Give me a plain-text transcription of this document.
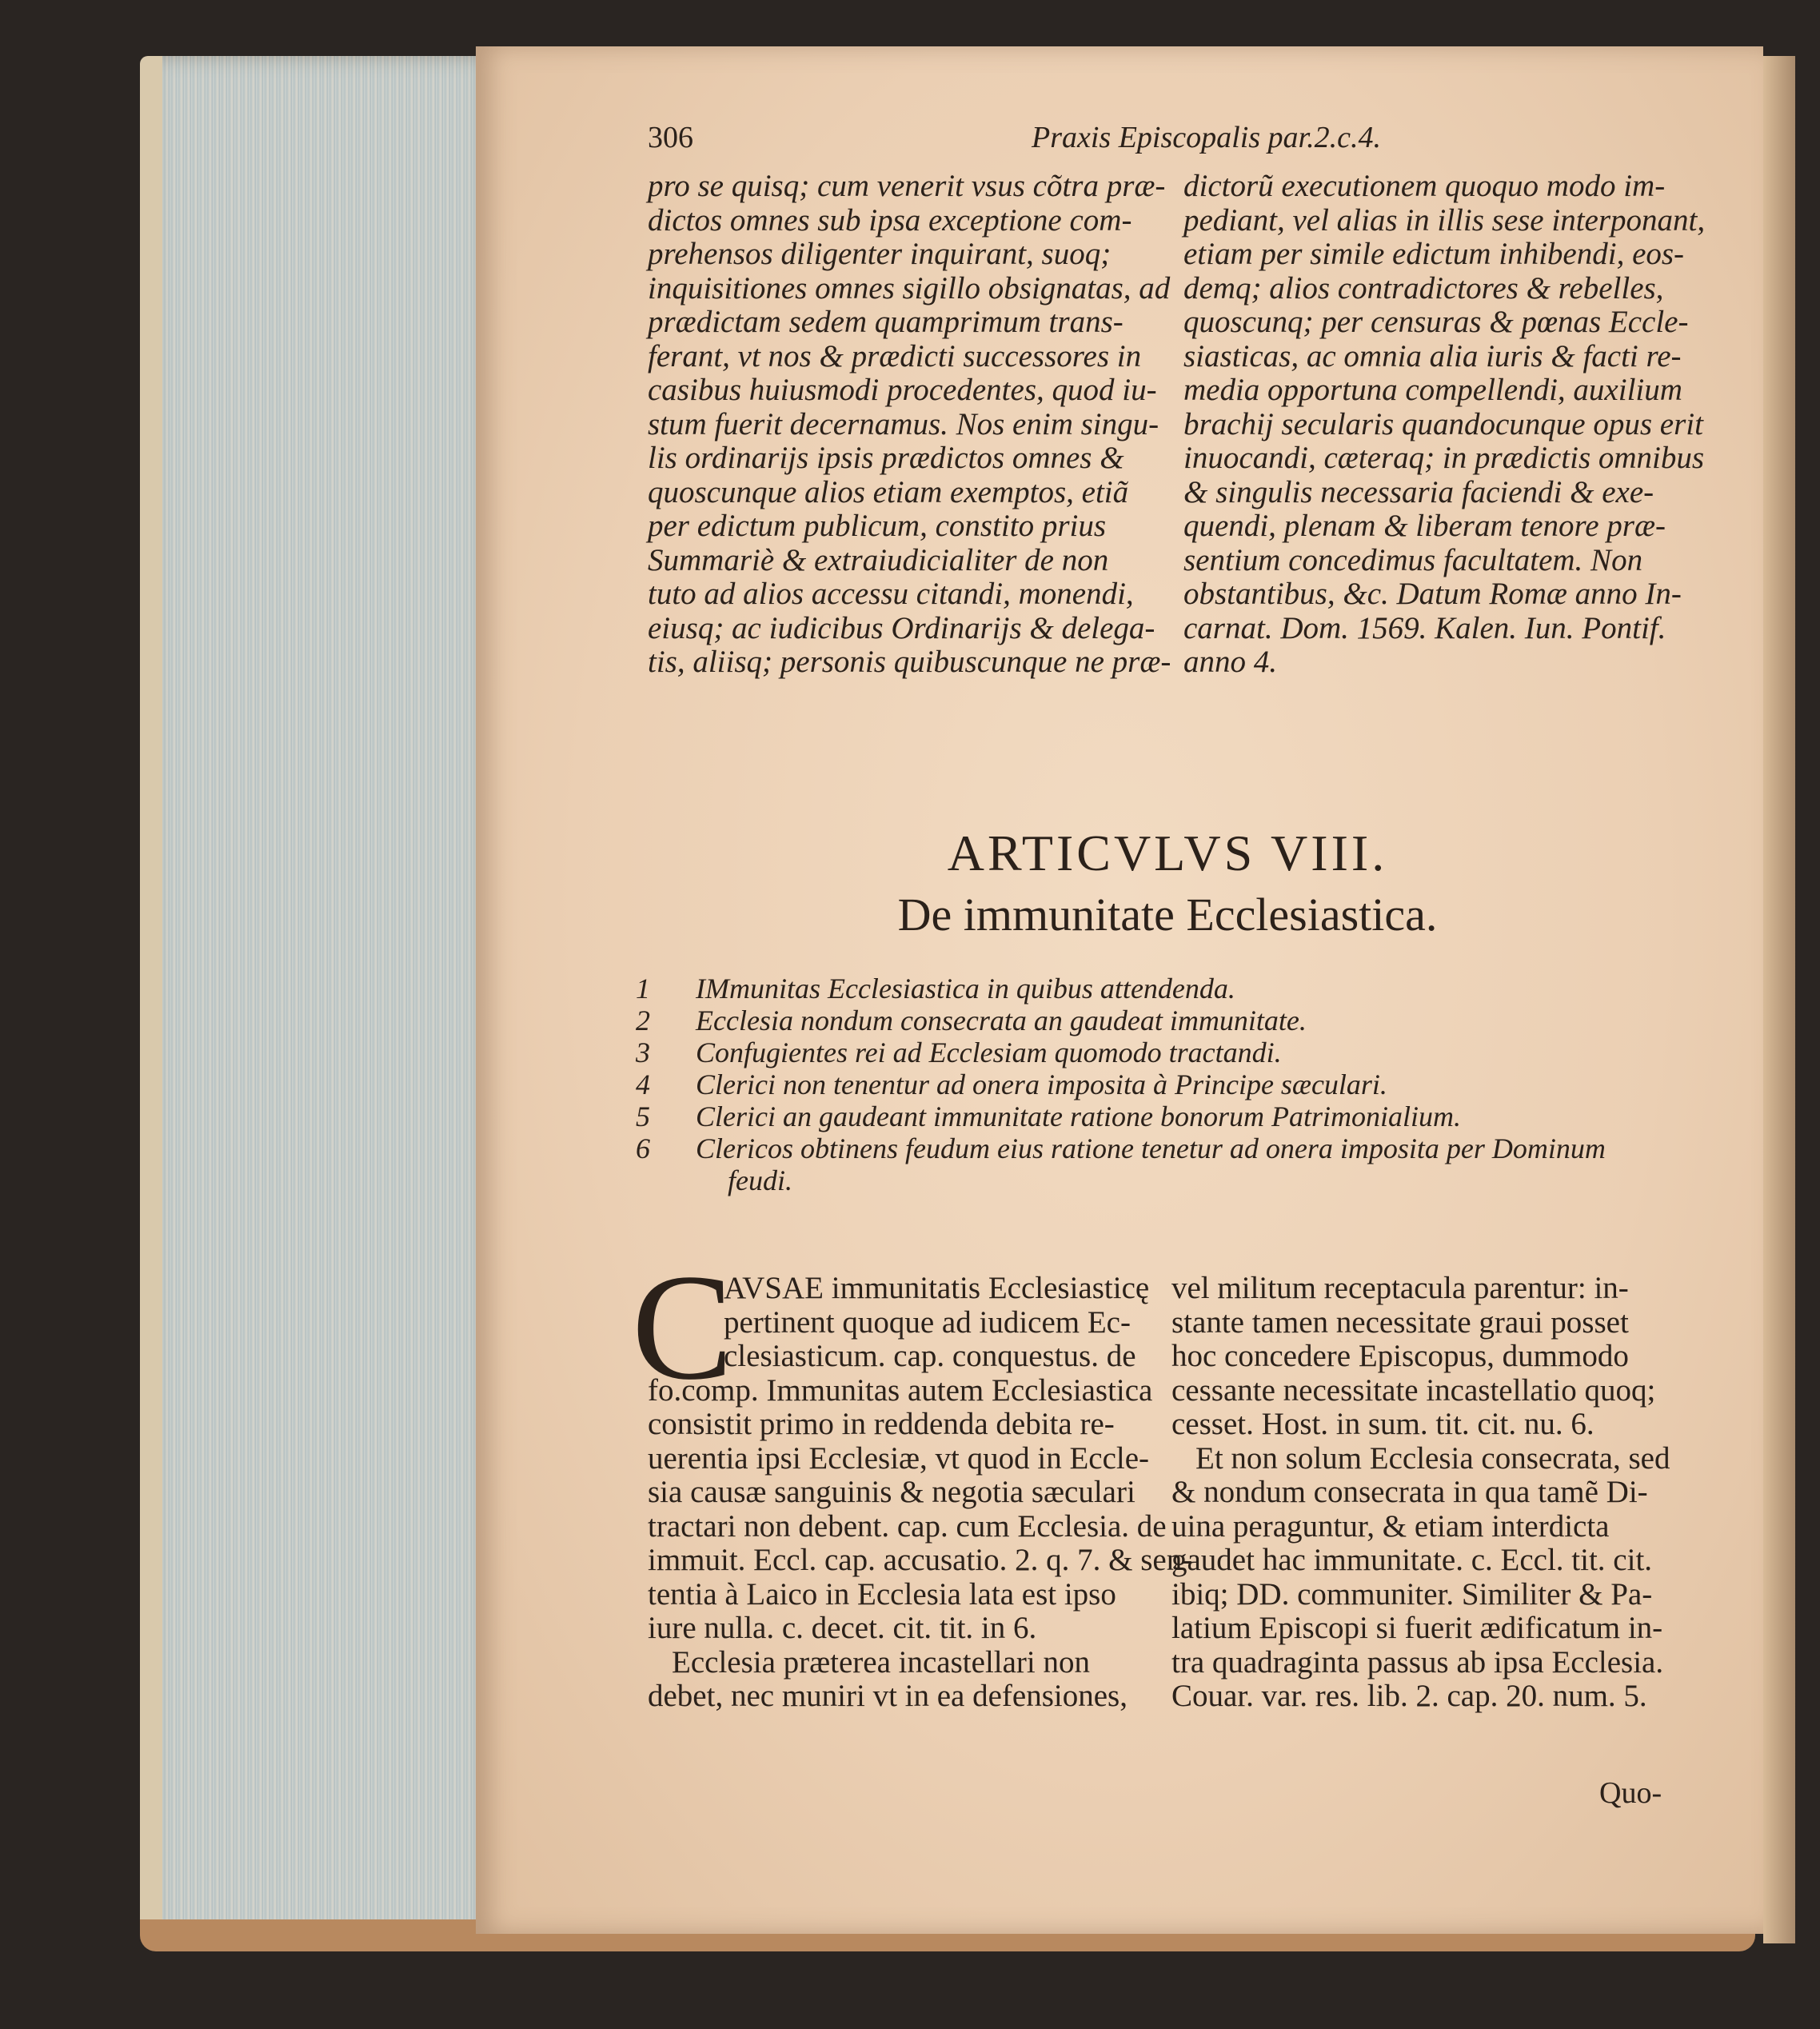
306	Praxis Episcopalis par.2.c.4.
pro se quisq; cum venerit vsus cõtra præ-
dictos omnes sub ipsa exceptione com-
prehensos diligenter inquirant, suoq;
inquisitiones omnes sigillo obsignatas, ad
prædictam sedem quamprimum trans-
ferant, vt nos & prædicti successores in
casibus huiusmodi procedentes, quod iu-
stum fuerit decernamus. Nos enim singu-
lis ordinarijs ipsis prædictos omnes &
quoscunque alios etiam exemptos, etiã
per edictum publicum, constito prius
Summariè & extraiudicialiter de non
tuto ad alios accessu citandi, monendi,
eiusq; ac iudicibus Ordinarijs & delega-
tis, aliisq; personis quibuscunque ne præ-
dictorũ executionem quoquo modo im-
pediant, vel alias in illis sese interponant,
etiam per simile edictum inhibendi, eos-
demq; alios contradictores & rebelles,
quoscunq; per censuras & pœnas Eccle-
siasticas, ac omnia alia iuris & facti re-
media opportuna compellendi, auxilium
brachij secularis quandocunque opus erit
inuocandi, cæteraq; in prædictis omnibus
& singulis necessaria faciendi & exe-
quendi, plenam & liberam tenore præ-
sentium concedimus facultatem. Non
obstantibus, &c. Datum Romæ anno In-
carnat. Dom. 1569. Kalen. Iun. Pontif.
anno 4.
ARTICVLVS VIII.
De immunitate Ecclesiastica.
1	IMmunitas Ecclesiastica in quibus attendenda.
2	Ecclesia nondum consecrata an gaudeat immunitate.
3	Confugientes rei ad Ecclesiam quomodo tractandi.
4	Clerici non tenentur ad onera imposita à Principe sæculari.
5	Clerici an gaudeant immunitate ratione bonorum Patrimonialium.
6	Clericos obtinens feudum eius ratione tenetur ad onera imposita per Dominum
feudi.
C
AVSAE immunitatis Ecclesiasticę
pertinent quoque ad iudicem Ec-
clesiasticum. cap. conquestus. de
fo.comp. Immunitas autem Ecclesiastica
consistit primo in reddenda debita re-
uerentia ipsi Ecclesiæ, vt quod in Eccle-
sia causæ sanguinis & negotia sæculari
tractari non debent. cap. cum Ecclesia. de
immuit. Eccl. cap. accusatio. 2. q. 7. & sen-
tentia à Laico in Ecclesia lata est ipso
iure nulla. c. decet. cit. tit. in 6.
Ecclesia præterea incastellari non
debet, nec muniri vt in ea defensiones,
vel militum receptacula parentur: in-
stante tamen necessitate graui posset
hoc concedere Episcopus, dummodo
cessante necessitate incastellatio quoq;
cesset. Host. in sum. tit. cit. nu. 6.
Et non solum Ecclesia consecrata, sed
& nondum consecrata in qua tamẽ Di-
uina peraguntur, & etiam interdicta
gaudet hac immunitate. c. Eccl. tit. cit.
ibiq; DD. communiter. Similiter & Pa-
latium Episcopi si fuerit ædificatum in-
tra quadraginta passus ab ipsa Ecclesia.
Couar. var. res. lib. 2. cap. 20. num. 5.
Quo-
